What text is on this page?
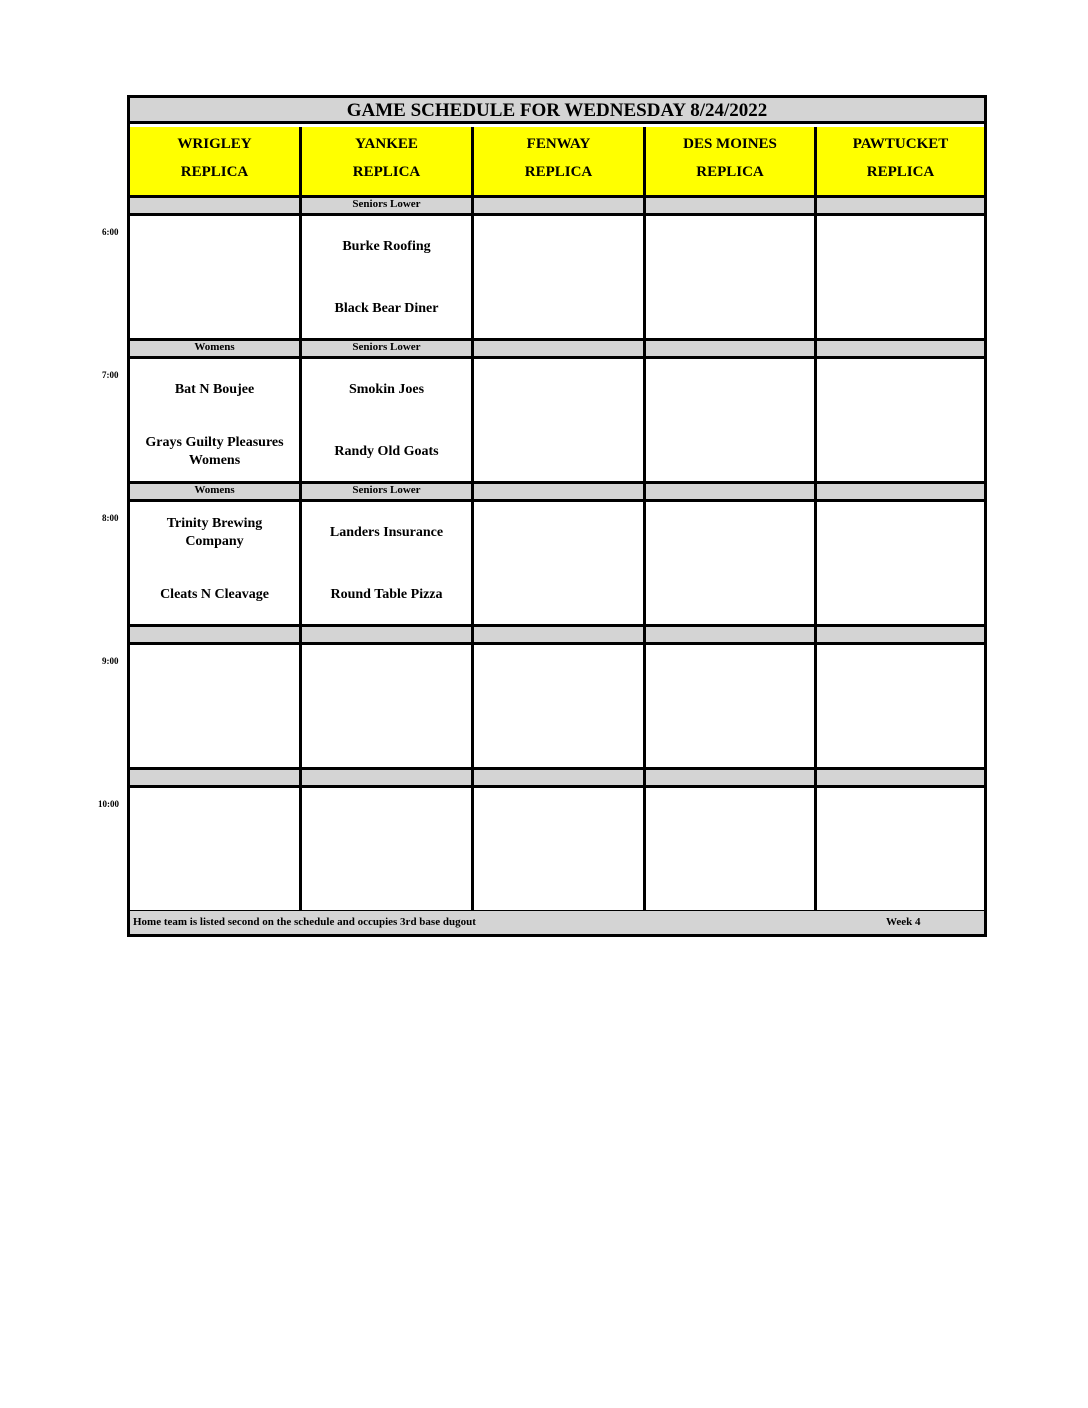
GAME SCHEDULE FOR WEDNESDAY 8/24/2022
WRIGLEY
REPLICA
YANKEE
REPLICA
FENWAY
REPLICA
DES MOINES
REPLICA
PAWTUCKET
REPLICA
Seniors Lower
Burke Roofing
Black Bear Diner
Womens
Bat N Boujee
Grays Guilty Pleasures Womens
Seniors Lower
Smokin Joes
Randy Old Goats
Womens
Trinity Brewing Company
Cleats N Cleavage
Seniors Lower
Landers Insurance
Round Table Pizza
Home team is listed second on the schedule and occupies 3rd base dugout	Week 4
6:00
7:00
8:00
9:00
10:00
